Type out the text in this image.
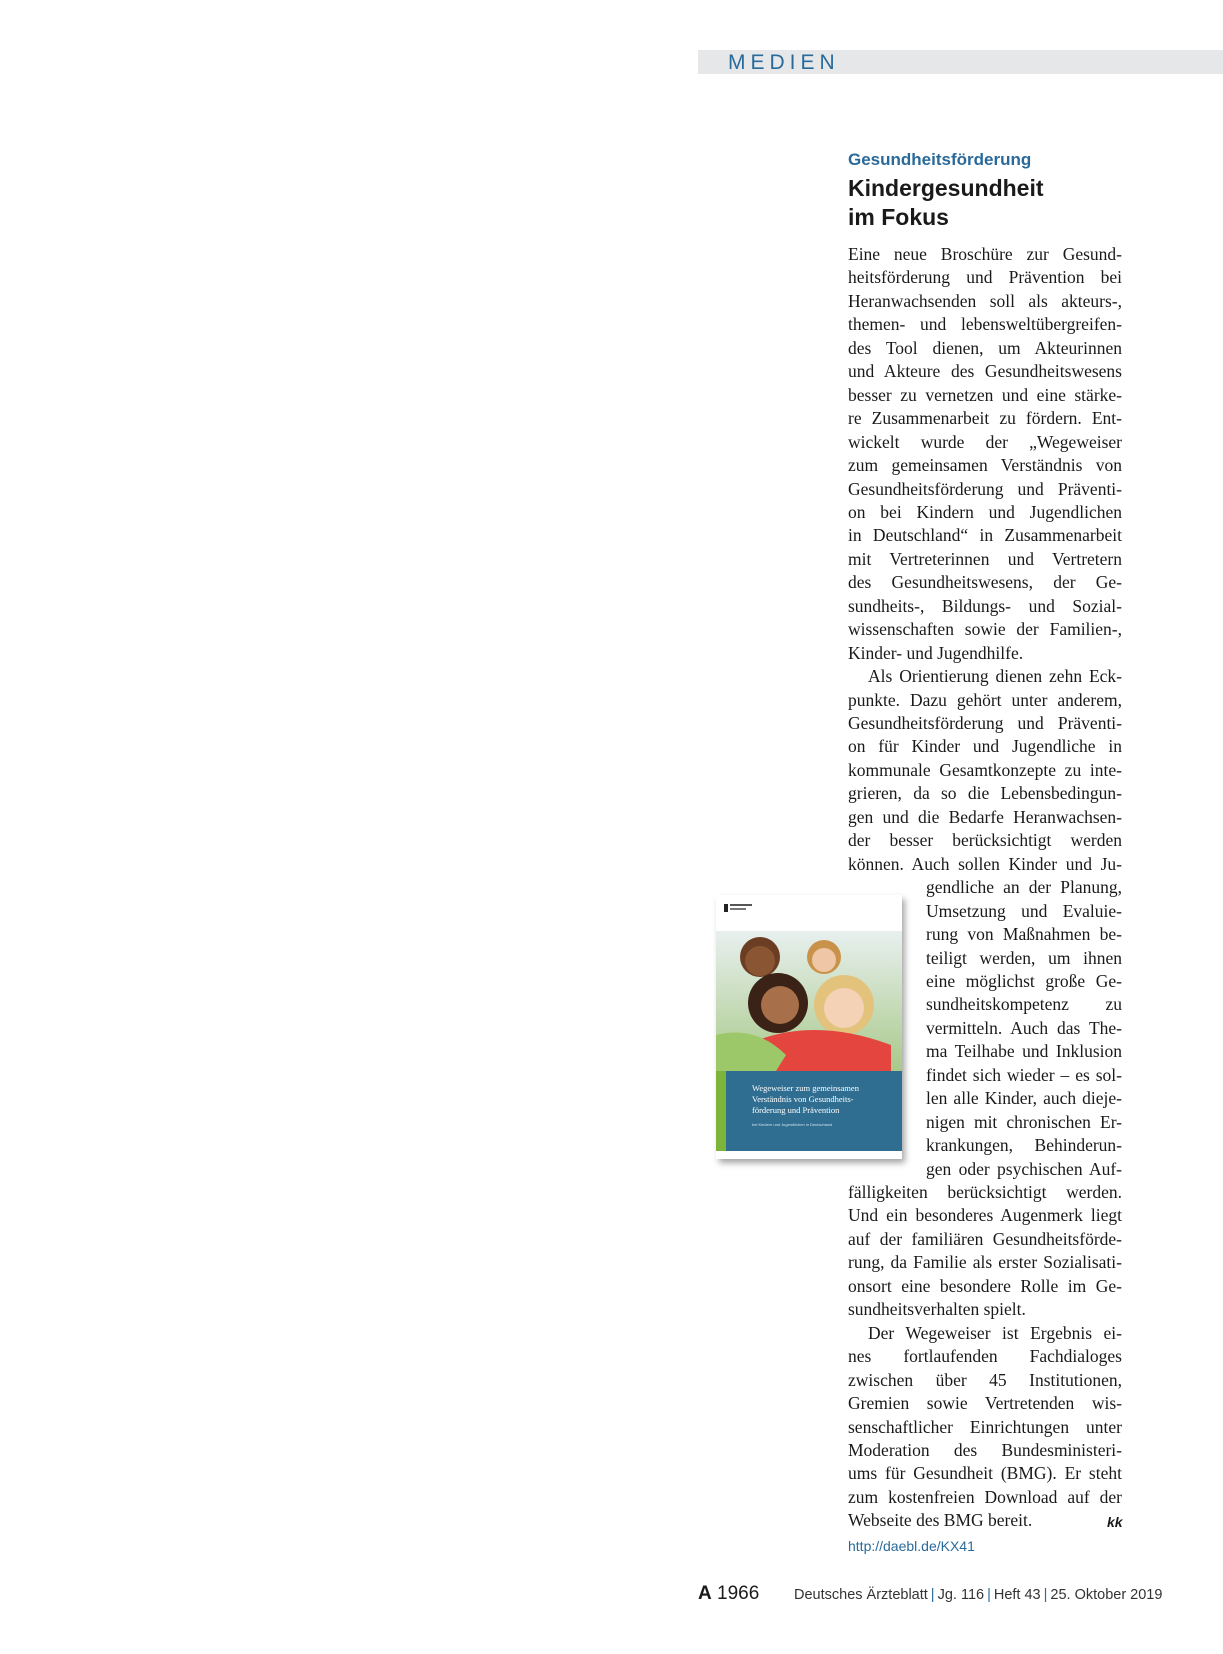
MEDIEN
Gesundheitsförderung
Kindergesundheit
im Fokus
Eine neue Broschüre zur Gesund-
heitsförderung und Prävention bei
Heranwachsenden soll als akteurs-,
themen- und lebensweltübergreifen-
des Tool dienen, um Akteurinnen
und Akteure des Gesundheitswesens
besser zu vernetzen und eine stärke-
re Zusammenarbeit zu fördern. Ent-
wickelt wurde der „Wegeweiser
zum gemeinsamen Verständnis von
Gesundheitsförderung und Präventi-
on bei Kindern und Jugendlichen
in Deutschland“ in Zusammenarbeit
mit Vertreterinnen und Vertretern
des Gesundheitswesens, der Ge-
sundheits-, Bildungs- und Sozial-
wissenschaften sowie der Familien-,
Kinder- und Jugendhilfe.
Als Orientierung dienen zehn Eck-
punkte. Dazu gehört unter anderem,
Gesundheitsförderung und Präventi-
on für Kinder und Jugendliche in
kommunale Gesamtkonzepte zu inte-
grieren, da so die Lebensbedingun-
gen und die Bedarfe Heranwachsen-
der besser berücksichtigt werden
können. Auch sollen Kinder und Ju-
gendliche an der Planung,
Umsetzung und Evaluie-
rung von Maßnahmen be-
teiligt werden, um ihnen
eine möglichst große Ge-
sundheitskompetenz zu
vermitteln. Auch das The-
ma Teilhabe und Inklusion
findet sich wieder – es sol-
len alle Kinder, auch dieje-
nigen mit chronischen Er-
krankungen, Behinderun-
gen oder psychischen Auf-
fälligkeiten berücksichtigt werden.
Und ein besonderes Augenmerk liegt
auf der familiären Gesundheitsförde-
rung, da Familie als erster Sozialisati-
onsort eine besondere Rolle im Ge-
sundheitsverhalten spielt.
Der Wegeweiser ist Ergebnis ei-
nes fortlaufenden Fachdialoges
zwischen über 45 Institutionen,
Gremien sowie Vertretenden wis-
senschaftlicher Einrichtungen unter
Moderation des Bundesministeri-
ums für Gesundheit (BMG). Er steht
zum kostenfreien Download auf der
Webseite des BMG bereit.	kk
http://daebl.de/KX41
Wegeweiser zum gemeinsamen
Verständnis von Gesundheits-
förderung und Prävention
bei Kindern und Jugendlichen in Deutschland
A 1966 Deutsches Ärzteblatt | Jg. 116 | Heft 43 | 25. Oktober 2019
